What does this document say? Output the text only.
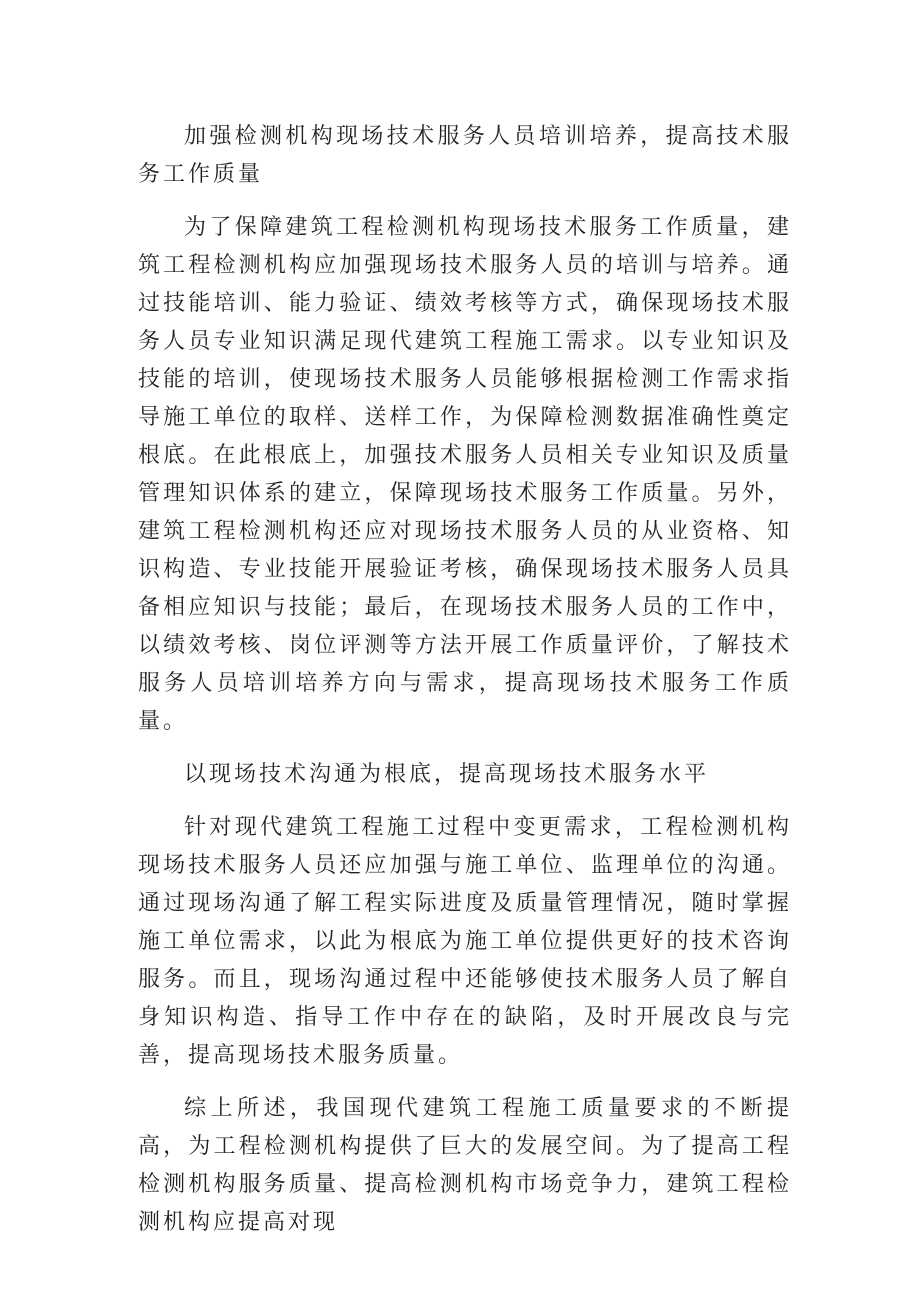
加强检测机构现场技术服务人员培训培养，提高技术服务工作质量

为了保障建筑工程检测机构现场技术服务工作质量，建筑工程检测机构应加强现场技术服务人员的培训与培养。通过技能培训、能力验证、绩效考核等方式，确保现场技术服务人员专业知识满足现代建筑工程施工需求。以专业知识及技能的培训，使现场技术服务人员能够根据检测工作需求指导施工单位的取样、送样工作，为保障检测数据准确性奠定根底。在此根底上，加强技术服务人员相关专业知识及质量管理知识体系的建立，保障现场技术服务工作质量。另外，建筑工程检测机构还应对现场技术服务人员的从业资格、知识构造、专业技能开展验证考核，确保现场技术服务人员具备相应知识与技能；最后，在现场技术服务人员的工作中，以绩效考核、岗位评测等方法开展工作质量评价，了解技术服务人员培训培养方向与需求，提高现场技术服务工作质量。

以现场技术沟通为根底，提高现场技术服务水平

针对现代建筑工程施工过程中变更需求，工程检测机构现场技术服务人员还应加强与施工单位、监理单位的沟通。通过现场沟通了解工程实际进度及质量管理情况，随时掌握施工单位需求，以此为根底为施工单位提供更好的技术咨询服务。而且，现场沟通过程中还能够使技术服务人员了解自身知识构造、指导工作中存在的缺陷，及时开展改良与完善，提高现场技术服务质量。

综上所述，我国现代建筑工程施工质量要求的不断提高，为工程检测机构提供了巨大的发展空间。为了提高工程检测机构服务质量、提高检测机构市场竞争力，建筑工程检测机构应提高对现
